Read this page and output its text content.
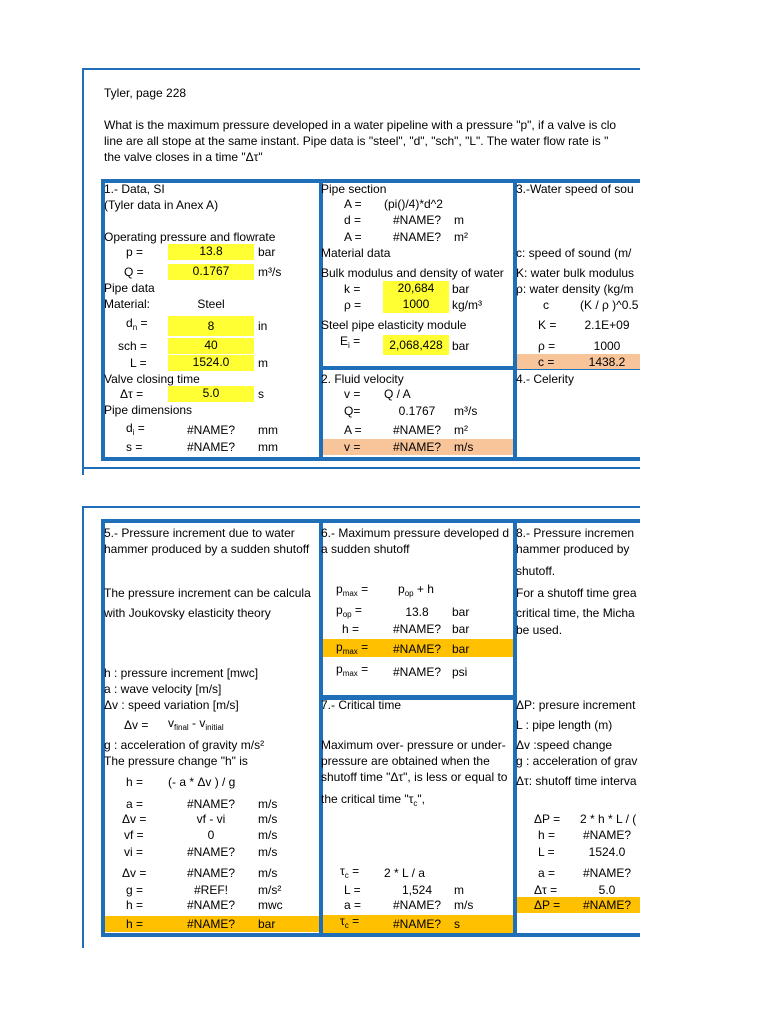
Tyler, page 228
What is the maximum pressure developed in a water pipeline with a pressure "p", if a valve is clo
line are all stope at the same instant. Pipe data is "steel", "d", "sch", "L". The water flow rate is "
the valve closes in a time "Δτ"
1.- Data, SI
(Tyler data in Anex A)
Operating pressure and flowrate
p =	13.8	bar
Q =	0.1767	m³/s
Pipe data
Material:	Steel
$d_n$ =	8	in
sch =	40
L =	1524.0	m
Valve closing time
Δτ =	5.0	s
Pipe dimensions
$d_i$ =	#NAME?	mm
s =	#NAME?	mm
Pipe section
A = (pi()/4)*d^2
d =	#NAME?	m
A =	#NAME?	m²
Material data
Bulk modulus and density of water
k =	20,684	bar
ρ =	1000	kg/m³
Steel pipe elasticity module
$E_i$ =	2,068,428 bar
2. Fluid velocity
v = Q / A
Q=	0.1767	m³/s
A =	#NAME?	m²
v =	#NAME?	m/s
3.-Water speed of sou
c: speed of sound (m/
K: water bulk modulus
ρ: water density (kg/m
c	(K / ρ )^0.5
K =	2.1E+09
ρ =	1000
c =	1438.2
4.- Celerity
5.- Pressure increment due to water
hammer produced by a sudden shutoff
The pressure increment can be calcula
with Joukovsky elasticity theory
h : pressure increment [mwc]
a : wave velocity [m/s]
Δv : speed variation [m/s]
$\Delta v = v_{final} - v_{initial}$
g : acceleration of gravity m/s²
The pressure change "h" is
h = (- a * Δv ) / g
a =	#NAME?	m/s
Δv =	vf - vi	m/s
vf =	0	m/s
vi =	#NAME?	m/s
Δv =	#NAME?	m/s
g =	#REF!	m/s²
h =	#NAME?	mwc
h =	#NAME?	bar
6.- Maximum pressure developed d
a sudden shutoff
$p_{max} = p_{op} + h$
$p_{op}$ =	13.8	bar
h =	#NAME? bar
$p_{max}$ =	#NAME? bar
$p_{max}$ =	#NAME? psi
7.- Critical time
Maximum over- pressure or under-
pressure are obtained when the
shutoff time "Δτ", is less or equal to
the critical time "$\tau_c$",
$\tau_c = 2 * L / a$
L =	1,524	m
a =	#NAME?	m/s
$\tau_c$ =	#NAME?	s
8.- Pressure incremen
hammer produced by
shutoff.
For a shutoff time grea
critical time, the Micha
be used.
ΔP: presure increment
L : pipe length (m)
Δv :speed change
g : acceleration of grav
Δτ: shutoff time interva
ΔP = 2 * h * L / (
h =	#NAME?
L =	1524.0
a =	#NAME?
Δτ =	5.0
ΔP =	#NAME?
